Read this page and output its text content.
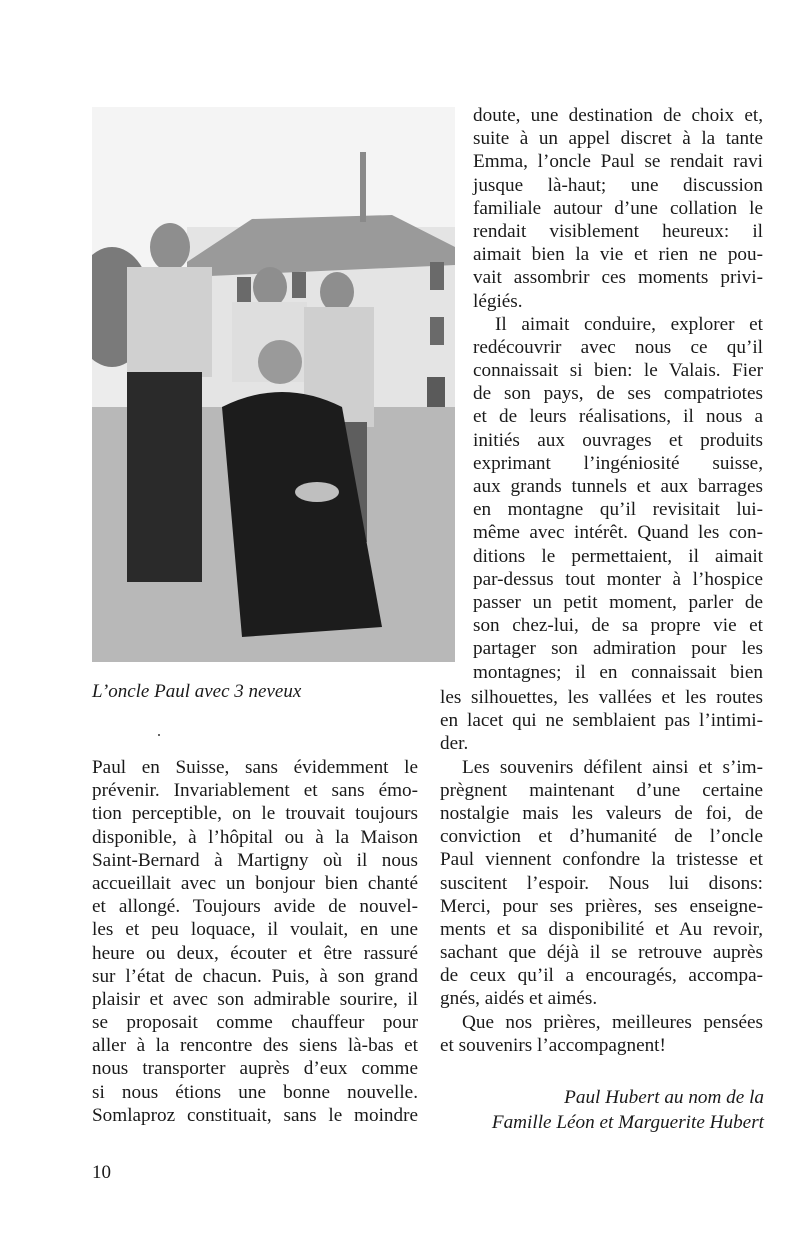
L’oncle Paul avec 3 neveux
doute, une destination de choix et,
suite à un appel discret à la tante
Emma, l’oncle Paul se rendait ravi
jusque là-haut; une discussion
familiale autour d’une collation le
rendait visiblement heureux: il
aimait bien la vie et rien ne pou-
vait assombrir ces moments privi-
légiés.
Il aimait conduire, explorer et
redécouvrir avec nous ce qu’il
connaissait si bien: le Valais. Fier
de son pays, de ses compatriotes
et de leurs réalisations, il nous a
initiés aux ouvrages et produits
exprimant l’ingéniosité suisse,
aux grands tunnels et aux barrages
en montagne qu’il revisitait lui-
même avec intérêt. Quand les con-
ditions le permettaient, il aimait
par-dessus tout monter à l’hospice
passer un petit moment, parler de
son chez-lui, de sa propre vie et
partager son admiration pour les
montagnes; il en connaissait bien
les silhouettes, les vallées et les routes
en lacet qui ne semblaient pas l’intimi-
der.
Les souvenirs défilent ainsi et s’im-
prègnent maintenant d’une certaine
nostalgie mais les valeurs de foi, de
conviction et d’humanité de l’oncle
Paul viennent confondre la tristesse et
suscitent l’espoir. Nous lui disons:
Merci, pour ses prières, ses enseigne-
ments et sa disponibilité et Au revoir,
sachant que déjà il se retrouve auprès
de ceux qu’il a encouragés, accompa-
gnés, aidés et aimés.
Que nos prières, meilleures pensées
et souvenirs l’accompagnent!
Paul en Suisse, sans évidemment le
prévenir. Invariablement et sans émo-
tion perceptible, on le trouvait toujours
disponible, à l’hôpital ou à la Maison
Saint-Bernard à Martigny où il nous
accueillait avec un bonjour bien chanté
et allongé. Toujours avide de nouvel-
les et peu loquace, il voulait, en une
heure ou deux, écouter et être rassuré
sur l’état de chacun. Puis, à son grand
plaisir et avec son admirable sourire, il
se proposait comme chauffeur pour
aller à la rencontre des siens là-bas et
nous transporter auprès d’eux comme
si nous étions une bonne nouvelle.
Somlaproz constituait, sans le moindre
Paul Hubert au nom de la
Famille Léon et Marguerite Hubert
10
